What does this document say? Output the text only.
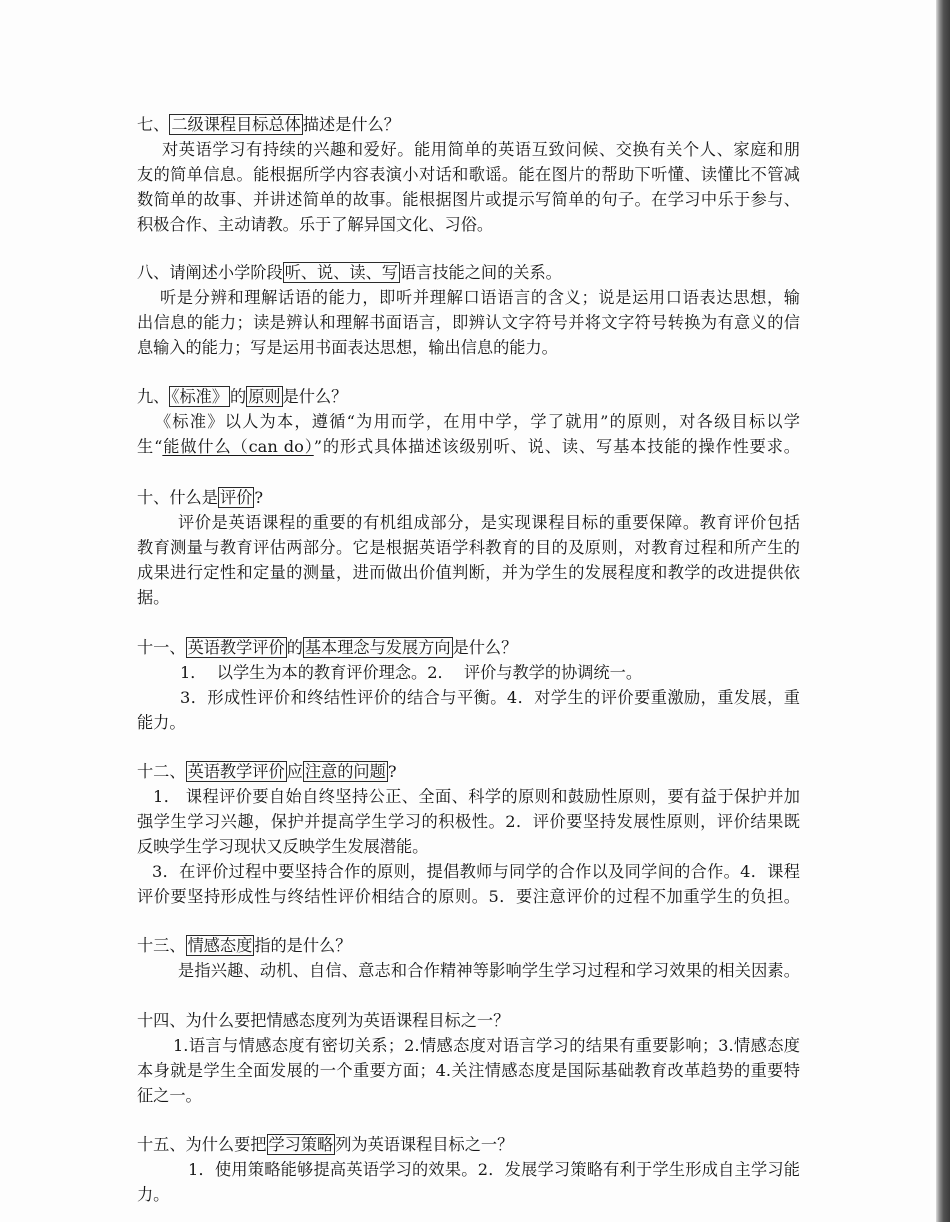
七、 二级课程目标总体 描述是什么？
对英语学习有持续的兴趣和爱好。能用简单的英语互致问候、交换有关个人、家庭和朋
友的简单信息。能根据所学内容表演小对话和歌谣。能在图片的帮助下听懂、读懂比不管减
数简单的故事、并讲述简单的故事。能根据图片或提示写简单的句子。在学习中乐于参与、
积极合作、主动请教。乐于了解异国文化、习俗。
八、请阐述小学阶段 听、说、读、写 语言技能之间的关系。
听是分辨和理解话语的能力，即听并理解口语语言的含义；说是运用口语表达思想，输
出信息的能力；读是辨认和理解书面语言，即辨认文字符号并将文字符号转换为有意义的信
息输入的能力；写是运用书面表达思想，输出信息的能力。
九、 《标准》 的 原则 是什么？
《标准》以人为本，遵循“为用而学，在用中学，学了就用”的原则，对各级目标以学
生“能做什么（can do）”的形式具体描述该级别听、说、读、写基本技能的操作性要求。
十、什么是 评价 ?
评价是英语课程的重要的有机组成部分，是实现课程目标的重要保障。教育评价包括
教育测量与教育评估两部分。它是根据英语学科教育的目的及原则，对教育过程和所产生的
成果进行定性和定量的测量，进而做出价值判断，并为学生的发展程度和教学的改进提供依
据。
十一、 英语教学评价 的 基本理念与发展方向 是什么？
1．  以学生为本的教育评价理念。2．  评价与教学的协调统一。
3．形成性评价和终结性评价的结合与平衡。4．对学生的评价要重激励，重发展，重
能力。
十二、 英语教学评价 应 注意的问题 ?
1． 课程评价要自始自终坚持公正、全面、科学的原则和鼓励性原则，要有益于保护并加
强学生学习兴趣，保护并提高学生学习的积极性。2．评价要坚持发展性原则，评价结果既
反映学生学习现状又反映学生发展潜能。
3．在评价过程中要坚持合作的原则，提倡教师与同学的合作以及同学间的合作。4．课程
评价要坚持形成性与终结性评价相结合的原则。5．要注意评价的过程不加重学生的负担。
十三、 情感态度 指的是什么？
是指兴趣、动机、自信、意志和合作精神等影响学生学习过程和学习效果的相关因素。
十四、为什么要把情感态度列为英语课程目标之一？
1.语言与情感态度有密切关系；2.情感态度对语言学习的结果有重要影响；3.情感态度
本身就是学生全面发展的一个重要方面；4.关注情感态度是国际基础教育改革趋势的重要特
征之一。
十五、为什么要把 学习策略 列为英语课程目标之一？
1．使用策略能够提高英语学习的效果。2．发展学习策略有利于学生形成自主学习能
力。
